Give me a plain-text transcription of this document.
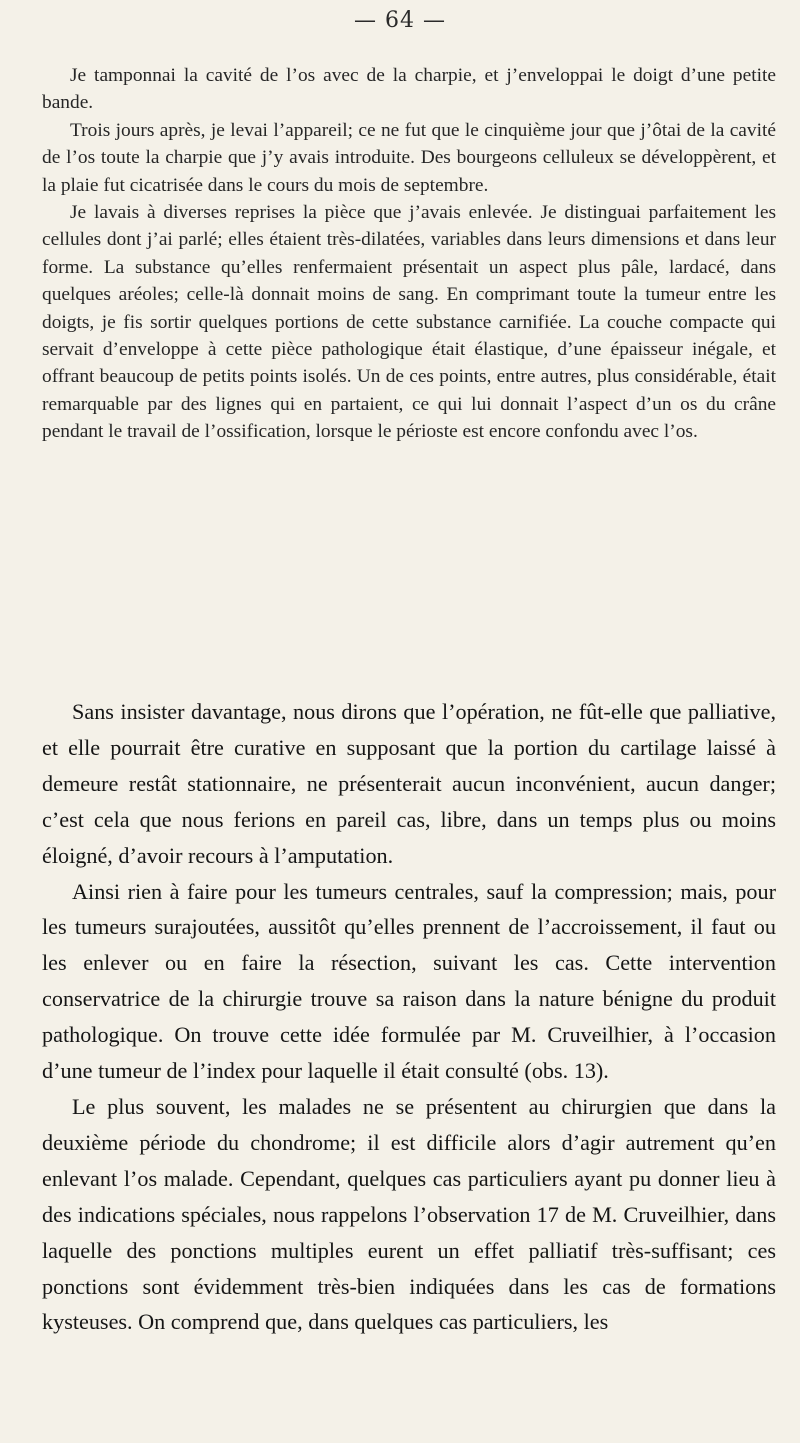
— 64 —

Je tamponnai la cavité de l’os avec de la charpie, et j’enveloppai le doigt d’une petite bande.

Trois jours après, je levai l’appareil; ce ne fut que le cinquième jour que j’ôtai de la cavité de l’os toute la charpie que j’y avais introduite. Des bourgeons celluleux se développèrent, et la plaie fut cicatrisée dans le cours du mois de septembre.

Je lavais à diverses reprises la pièce que j’avais enlevée. Je distinguai parfaitement les cellules dont j’ai parlé; elles étaient très-dilatées, variables dans leurs dimensions et dans leur forme. La substance qu’elles renfermaient présentait un aspect plus pâle, lardacé, dans quelques aréoles; celle-là donnait moins de sang. En comprimant toute la tumeur entre les doigts, je fis sortir quelques portions de cette substance carnifiée. La couche compacte qui servait d’enveloppe à cette pièce pathologique était élastique, d’une épaisseur inégale, et offrant beaucoup de petits points isolés. Un de ces points, entre autres, plus considérable, était remarquable par des lignes qui en partaient, ce qui lui donnait l’aspect d’un os du crâne pendant le travail de l’ossification, lorsque le périoste est encore confondu avec l’os.

Sans insister davantage, nous dirons que l’opération, ne fût-elle que palliative, et elle pourrait être curative en supposant que la portion du cartilage laissé à demeure restât stationnaire, ne présenterait aucun inconvénient, aucun danger; c’est cela que nous ferions en pareil cas, libre, dans un temps plus ou moins éloigné, d’avoir recours à l’amputation.

Ainsi rien à faire pour les tumeurs centrales, sauf la compression; mais, pour les tumeurs surajoutées, aussitôt qu’elles prennent de l’accroissement, il faut ou les enlever ou en faire la résection, suivant les cas. Cette intervention conservatrice de la chirurgie trouve sa raison dans la nature bénigne du produit pathologique. On trouve cette idée formulée par M. Cruveilhier, à l’occasion d’une tumeur de l’index pour laquelle il était consulté (obs. 13).

Le plus souvent, les malades ne se présentent au chirurgien que dans la deuxième période du chondrome; il est difficile alors d’agir autrement qu’en enlevant l’os malade. Cependant, quelques cas particuliers ayant pu donner lieu à des indications spéciales, nous rappelons l’observation 17 de M. Cruveilhier, dans laquelle des ponctions multiples eurent un effet palliatif très-suffisant; ces ponctions sont évidemment très-bien indiquées dans les cas de formations kysteuses. On comprend que, dans quelques cas particuliers, les
